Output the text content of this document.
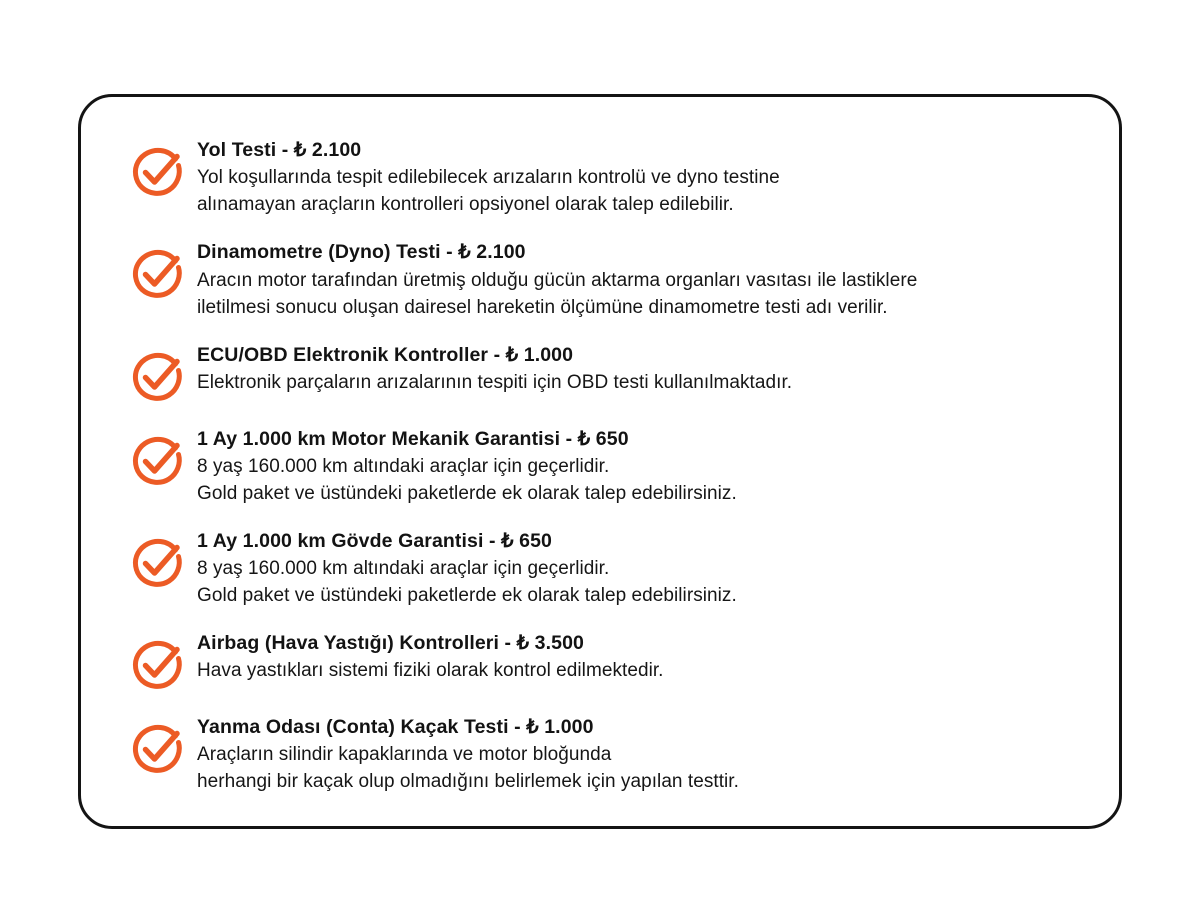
Yol Testi - ₺ 2.100

Yol koşullarında tespit edilebilecek arızaların kontrolü ve dyno testine
alınamayan araçların kontrolleri opsiyonel olarak talep edilebilir.

Dinamometre (Dyno) Testi - ₺ 2.100

Aracın motor tarafından üretmiş olduğu gücün aktarma organları vasıtası ile lastiklere
iletilmesi sonucu oluşan dairesel hareketin ölçümüne dinamometre testi adı verilir.

ECU/OBD Elektronik Kontroller - ₺ 1.000

Elektronik parçaların arızalarının tespiti için OBD testi kullanılmaktadır.

1 Ay 1.000 km Motor Mekanik Garantisi - ₺ 650

8 yaş 160.000 km altındaki araçlar için geçerlidir.
Gold paket ve üstündeki paketlerde ek olarak talep edebilirsiniz.

1 Ay 1.000 km Gövde Garantisi - ₺ 650

8 yaş 160.000 km altındaki araçlar için geçerlidir.
Gold paket ve üstündeki paketlerde ek olarak talep edebilirsiniz.

Airbag (Hava Yastığı) Kontrolleri - ₺ 3.500

Hava yastıkları sistemi fiziki olarak kontrol edilmektedir.

Yanma Odası (Conta) Kaçak Testi - ₺ 1.000

Araçların silindir kapaklarında ve motor bloğunda
herhangi bir kaçak olup olmadığını belirlemek için yapılan testtir.
